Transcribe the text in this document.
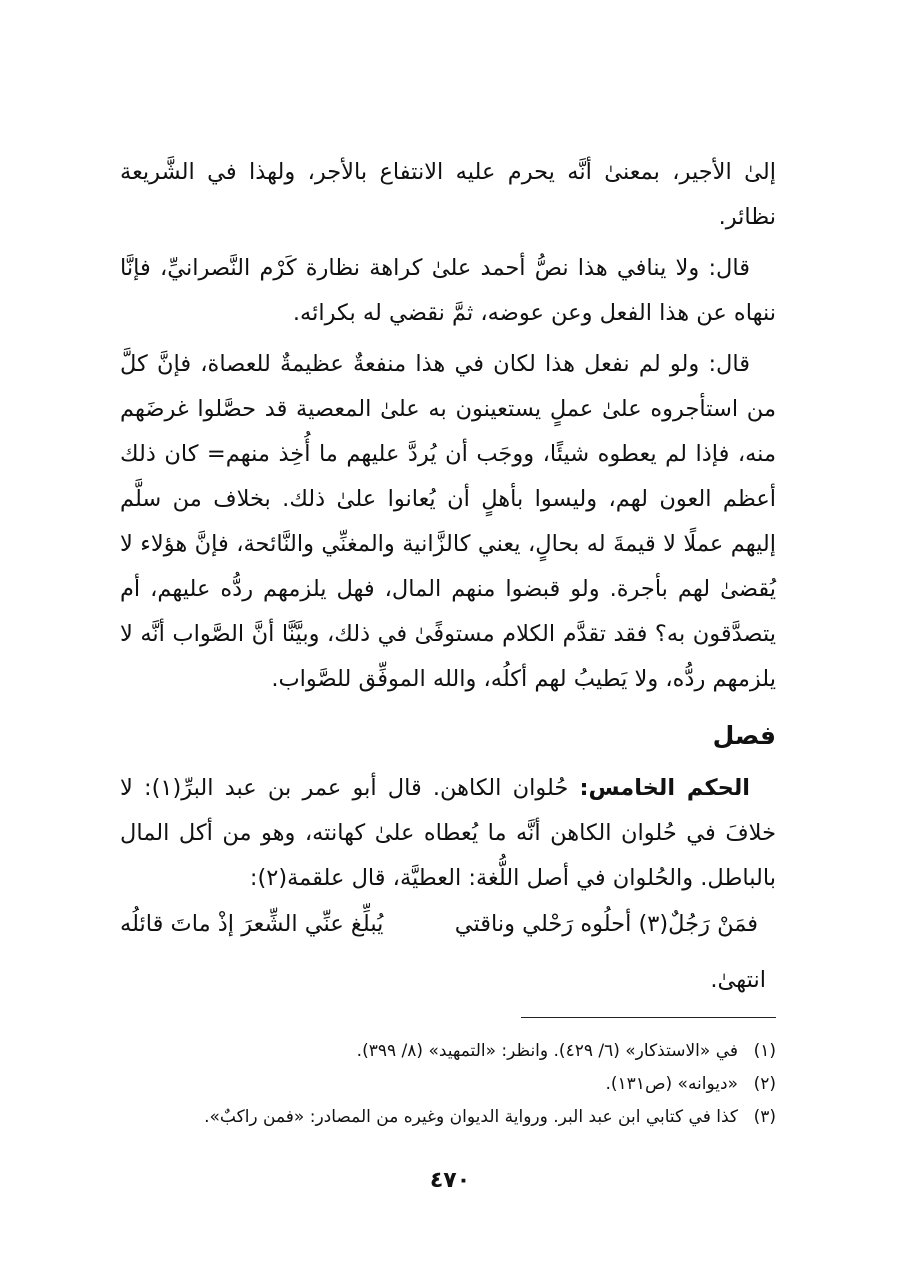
إلىٰ الأجير، بمعنىٰ أنَّه يحرم عليه الانتفاع بالأجر، ولهذا في الشَّريعة نظائر.

قال: ولا ينافي هذا نصُّ أحمد علىٰ كراهة نظارة كَرْم النَّصرانيِّ، فإنَّا ننهاه عن هذا الفعل وعن عوضه، ثمَّ نقضي له بكرائه.

قال: ولو لم نفعل هذا لكان في هذا منفعةٌ عظيمةٌ للعصاة، فإنَّ كلَّ من استأجروه علىٰ عملٍ يستعينون به علىٰ المعصية قد حصَّلوا غرضَهم منه، فإذا لم يعطوه شيئًا، ووجَب أن يُردَّ عليهم ما أُخِذ منهم= كان ذلك أعظم العون لهم، وليسوا بأهلٍ أن يُعانوا علىٰ ذلك. بخلاف من سلَّم إليهم عملًا لا قيمةَ له بحالٍ، يعني كالزَّانية والمغنِّي والنَّائحة، فإنَّ هؤلاء لا يُقضىٰ لهم بأجرة. ولو قبضوا منهم المال، فهل يلزمهم ردُّه عليهم، أم يتصدَّقون به؟ فقد تقدَّم الكلام مستوفًىٰ في ذلك، وبيَّنَّا أنَّ الصَّواب أنَّه لا يلزمهم ردُّه، ولا يَطيبُ لهم أكلُه، والله الموفِّق للصَّواب.

فصل

الحكم الخامس: حُلوان الكاهن. قال أبو عمر بن عبد البرِّ(١): لا خلافَ في حُلوان الكاهن أنَّه ما يُعطاه علىٰ كهانته، وهو من أكل المال بالباطل. والحُلوان في أصل اللُّغة: العطيَّة، قال علقمة(٢):

فمَنْ رَجُلٌ(٣) أحلُوه رَحْلي وناقتي
يُبلِّغ عنِّي الشِّعرَ إذْ ماتَ قائلُه
انتهىٰ.
(١)في «الاستذكار» (٦/ ٤٢٩). وانظر: «التمهيد» (٨/ ٣٩٩).
(٢)«ديوانه» (ص١٣١).
(٣)كذا في كتابي ابن عبد البر. ورواية الديوان وغيره من المصادر: «فمن راكبٌ».
٤٧٠
